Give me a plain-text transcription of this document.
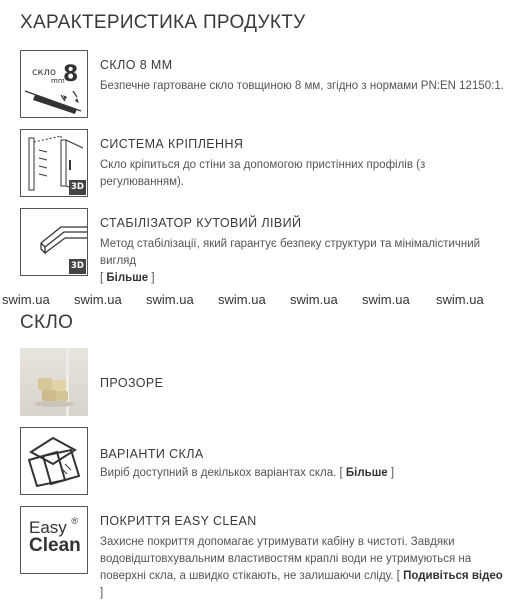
ХАРАКТЕРИСТИКА ПРОДУКТУ
скло 8
mm
СКЛО 8 ММ
Безпечне гартоване скло товщиною 8 мм, згідно з нормами PN:EN 12150:1.
3D
СИСТЕМА КРІПЛЕННЯ
Скло кріпиться до стіни за допомогою пристінних профілів (з регулюванням).
3D
СТАБІЛІЗАТОР КУТОВИЙ ЛІВИЙ
Метод стабілізації, який гарантує безпеку структури та мінімалістичний вигляд
[ Більше ]
swim.ua swim.ua swim.ua swim.ua swim.ua swim.ua swim.ua
СКЛО
ПРОЗОРЕ
ВАРІАНТИ СКЛА
Виріб доступний в декількох варіантах скла. [ Більше ]
Easy
Clean
® ПОКРИТТЯ EASY CLEAN
Захисне покриття допомагає утримувати кабіну в чистоті. Завдяки водовідштовхувальним властивостям краплі води не утримуються на поверхні скла, а швидко стікають, не залишаючи сліду. [ Подивіться відео ]
